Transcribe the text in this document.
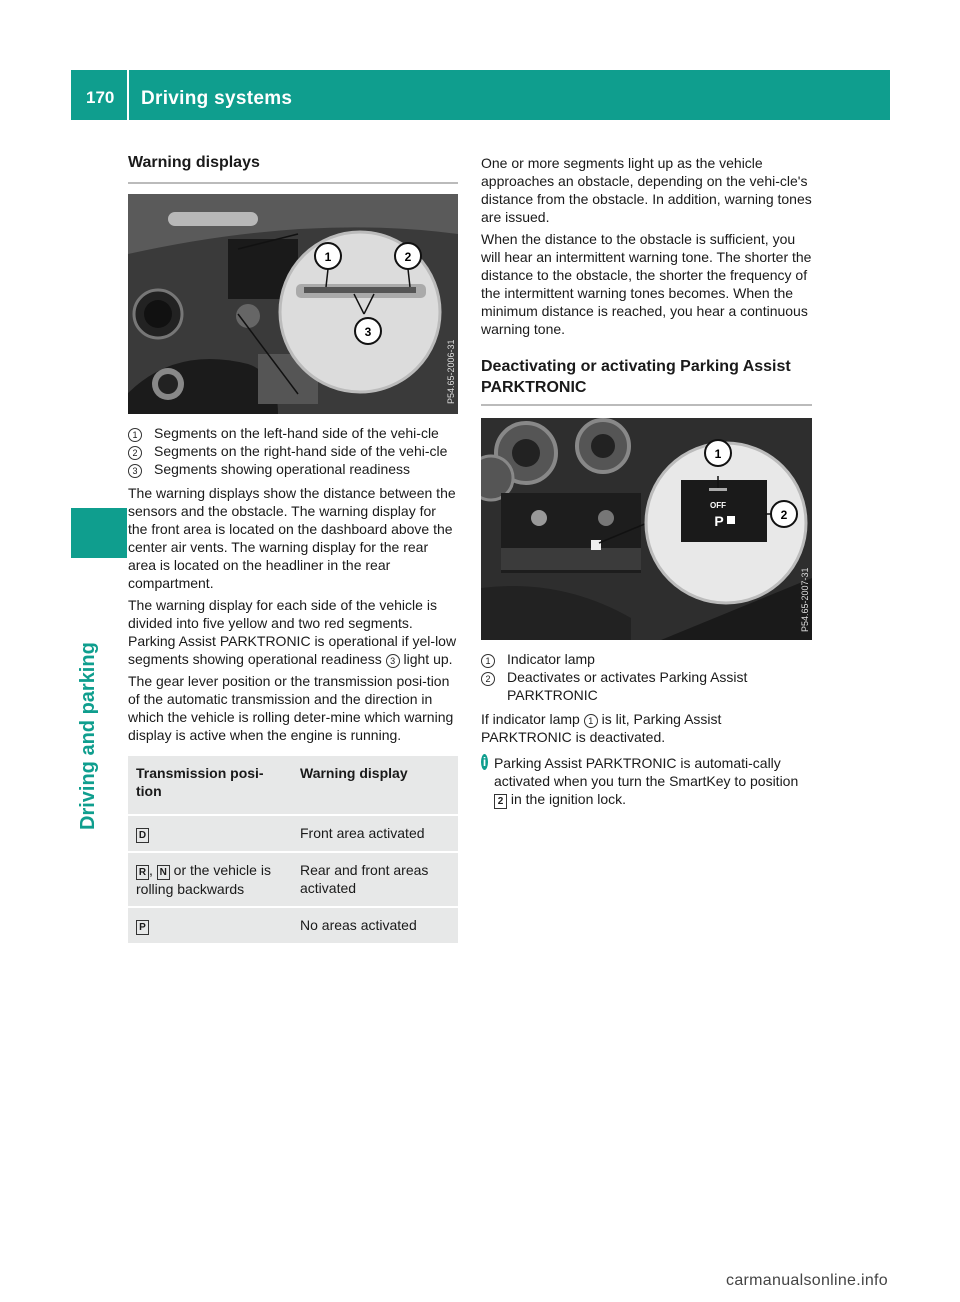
170 Driving systems
Driving and parking
Warning displays
1	2
3
P54.65-2006-31
1	Segments on the left-hand side of the vehi-cle
2	Segments on the right-hand side of the vehi-cle
3	Segments showing operational readiness

The warning displays show the distance between the sensors and the obstacle. The warning display for the front area is located on the dashboard above the center air vents. The warning display for the rear area is located on the headliner in the rear compartment.

The warning display for each side of the vehicle is divided into five yellow and two red segments. Parking Assist PARKTRONIC is operational if yel-low segments showing operational readiness 3 light up.

The gear lever position or the transmission posi-tion of the automatic transmission and the direction in which the vehicle is rolling deter-mine which warning display is active when the engine is running.

Transmission posi-tion	Warning display
D	Front area activated
R , N or the vehicle is rolling backwards	Rear and front areas activated
P	No areas activated

One or more segments light up as the vehicle approaches an obstacle, depending on the vehi-cle's distance from the obstacle. In addition, warning tones are issued.

When the distance to the obstacle is sufficient, you will hear an intermittent warning tone. The shorter the distance to the obstacle, the shorter the frequency of the intermittent warning tones becomes. When the minimum distance is reached, you hear a continuous warning tone.

Deactivating or activating Parking Assist PARKTRONIC
OFF
P
1
2
P54.65-2007-31
1	Indicator lamp
2	Deactivates or activates Parking Assist PARKTRONIC

If indicator lamp 1 is lit, Parking Assist PARKTRONIC is deactivated.

i Parking Assist PARKTRONIC is automati-cally activated when you turn the SmartKey to position 2 in the ignition lock.
carmanualsonline.info
